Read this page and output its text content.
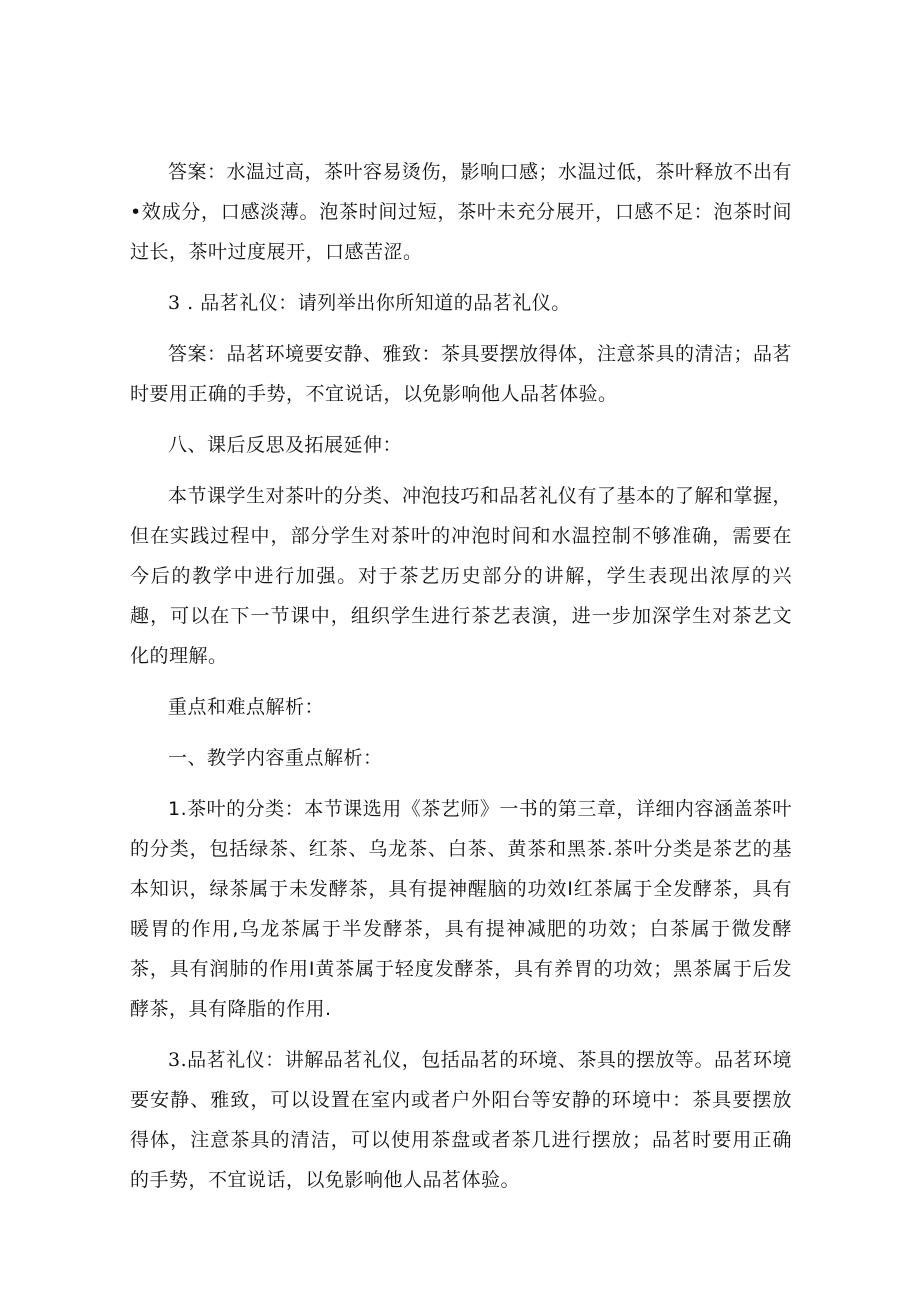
答案：水温过高，茶叶容易烫伤，影响口感；水温过低，茶叶释放不出有•效成分，口感淡薄。泡茶时间过短，茶叶未充分展开，口感不足：泡茶时间过长，茶叶过度展开，口感苦涩。

3 . 品茗礼仪：请列举出你所知道的品茗礼仪。

答案：品茗环境要安静、雅致：茶具要摆放得体，注意茶具的清洁；品茗时要用正确的手势，不宜说话，以免影响他人品茗体验。

八、课后反思及拓展延伸：

本节课学生对茶叶的分类、冲泡技巧和品茗礼仪有了基本的了解和掌握，但在实践过程中，部分学生对茶叶的冲泡时间和水温控制不够准确，需要在今后的教学中进行加强。对于茶艺历史部分的讲解，学生表现出浓厚的兴趣，可以在下一节课中，组织学生进行茶艺表演，进一步加深学生对茶艺文化的理解。

重点和难点解析：

一、教学内容重点解析：

1.茶叶的分类：本节课选用《茶艺师》一书的第三章，详细内容涵盖茶叶的分类，包括绿茶、红茶、乌龙茶、白茶、黄茶和黑茶.茶叶分类是茶艺的基本知识，绿茶属于未发酵茶，具有提神醒脑的功效I红茶属于全发酵茶，具有暖胃的作用,乌龙茶属于半发酵茶，具有提神减肥的功效；白茶属于微发酵茶，具有润肺的作用I黄茶属于轻度发酵茶，具有养胃的功效；黑茶属于后发酵茶，具有降脂的作用.

3.品茗礼仪：讲解品茗礼仪，包括品茗的环境、茶具的摆放等。品茗环境要安静、雅致，可以设置在室内或者户外阳台等安静的环境中：茶具要摆放得体，注意茶具的清洁，可以使用茶盘或者茶几进行摆放；品茗时要用正确的手势，不宜说话，以免影响他人品茗体验。
